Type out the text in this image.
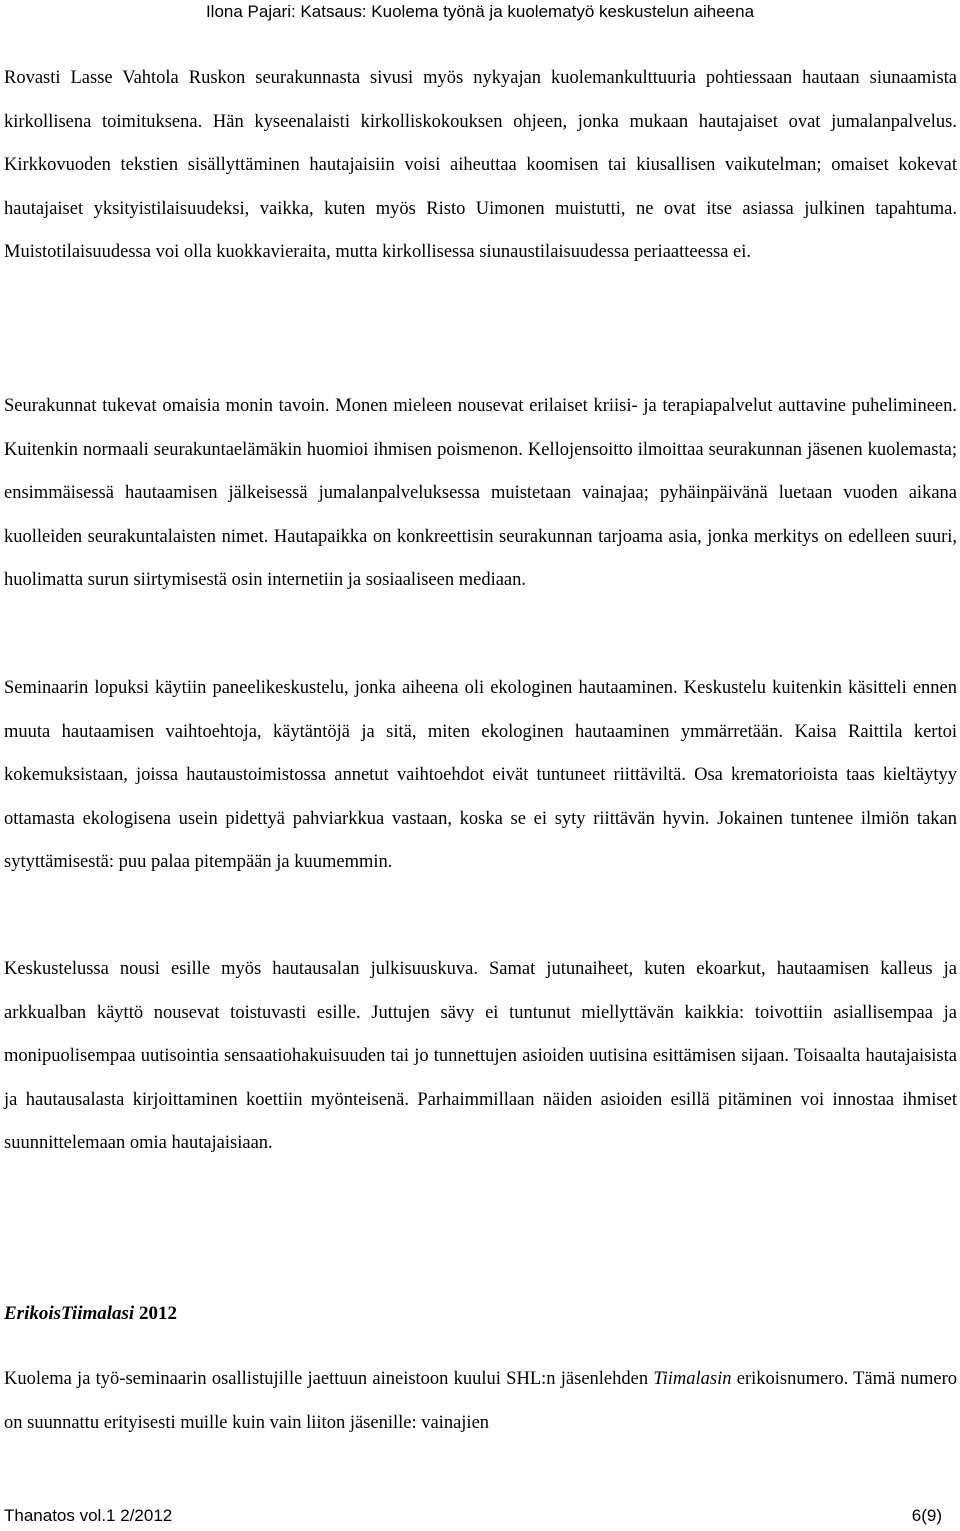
Ilona Pajari: Katsaus: Kuolema työnä ja kuolematyö keskustelun aiheena

Rovasti Lasse Vahtola Ruskon seurakunnasta sivusi myös nykyajan kuolemankulttuuria pohtiessaan hautaan siunaamista kirkollisena toimituksena. Hän kyseenalaisti kirkolliskokouksen ohjeen, jonka mukaan hautajaiset ovat jumalanpalvelus. Kirkkovuoden tekstien sisällyttäminen hautajaisiin voisi aiheuttaa koomisen tai kiusallisen vaikutelman; omaiset kokevat hautajaiset yksityistilaisuudeksi, vaikka, kuten myös Risto Uimonen muistutti, ne ovat itse asiassa julkinen tapahtuma. Muistotilaisuudessa voi olla kuokkavieraita, mutta kirkollisessa siunaustilaisuudessa periaatteessa ei.

Seurakunnat tukevat omaisia monin tavoin. Monen mieleen nousevat erilaiset kriisi- ja terapiapalvelut auttavine puhelimineen. Kuitenkin normaali seurakuntaelämäkin huomioi ihmisen poismenon. Kellojensoitto ilmoittaa seurakunnan jäsenen kuolemasta; ensimmäisessä hautaamisen jälkeisessä jumalanpalveluksessa muistetaan vainajaa; pyhäinpäivänä luetaan vuoden aikana kuolleiden seurakuntalaisten nimet. Hautapaikka on konkreettisin seurakunnan tarjoama asia, jonka merkitys on edelleen suuri, huolimatta surun siirtymisestä osin internetiin ja sosiaaliseen mediaan.

Seminaarin lopuksi käytiin paneelikeskustelu, jonka aiheena oli ekologinen hautaaminen. Keskustelu kuitenkin käsitteli ennen muuta hautaamisen vaihtoehtoja, käytäntöjä ja sitä, miten ekologinen hautaaminen ymmärretään. Kaisa Raittila kertoi kokemuksistaan, joissa hautaustoimistossa annetut vaihtoehdot eivät tuntuneet riittäviltä. Osa krematorioista taas kieltäytyy ottamasta ekologisena usein pidettyä pahviarkkua vastaan, koska se ei syty riittävän hyvin. Jokainen tuntenee ilmiön takan sytyttämisestä: puu palaa pitempään ja kuumemmin.

Keskustelussa nousi esille myös hautausalan julkisuuskuva. Samat jutunaiheet, kuten ekoarkut, hautaamisen kalleus ja arkkualban käyttö nousevat toistuvasti esille. Juttujen sävy ei tuntunut miellyttävän kaikkia: toivottiin asiallisempaa ja monipuolisempaa uutisointia sensaatiohakuisuuden tai jo tunnettujen asioiden uutisina esittämisen sijaan. Toisaalta hautajaisista ja hautausalasta kirjoittaminen koettiin myönteisenä. Parhaimmillaan näiden asioiden esillä pitäminen voi innostaa ihmiset suunnittelemaan omia hautajaisiaan.

ErikoisTiimalasi 2012

Kuolema ja työ-seminaarin osallistujille jaettuun aineistoon kuului SHL:n jäsenlehden Tiimalasin erikoisnumero. Tämä numero on suunnattu erityisesti muille kuin vain liiton jäsenille: vainajien

Thanatos vol.1 2/2012	6(9)
